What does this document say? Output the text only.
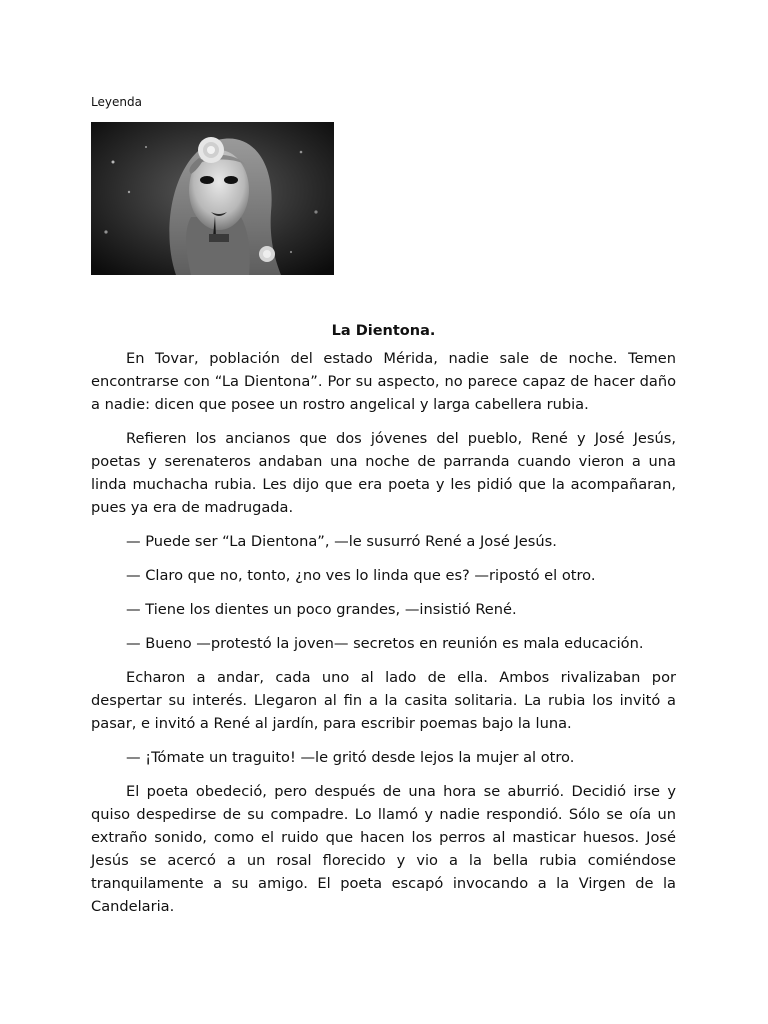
Leyenda
La Dientona.

En Tovar, población del estado Mérida, nadie sale de noche. Temen encontrarse con “La Dientona”. Por su aspecto, no parece capaz de hacer daño a nadie: dicen que posee un rostro angelical y larga cabellera rubia.

Refieren los ancianos que dos jóvenes del pueblo, René y José Jesús, poetas y serenateros andaban una noche de parranda cuando vieron a una linda muchacha rubia. Les dijo que era poeta y les pidió que la acompañaran, pues ya era de madrugada.

— Puede ser “La Dientona”, —le susurró René a José Jesús.

— Claro que no, tonto, ¿no ves lo linda que es? —ripostó el otro.

— Tiene los dientes un poco grandes, —insistió René.

— Bueno —protestó la joven— secretos en reunión es mala educación.

Echaron a andar, cada uno al lado de ella. Ambos rivalizaban por despertar su interés. Llegaron al fin a la casita solitaria. La rubia los invitó a pasar, e invitó a René al jardín, para escribir poemas bajo la luna.

— ¡Tómate un traguito! —le gritó desde lejos la mujer al otro.

El poeta obedeció, pero después de una hora se aburrió. Decidió irse y quiso despedirse de su compadre. Lo llamó y nadie respondió. Sólo se oía un extraño sonido, como el ruido que hacen los perros al masticar huesos. José Jesús se acercó a un rosal florecido y vio a la bella rubia comiéndose tranquilamente a su amigo. El poeta escapó invocando a la Virgen de la Candelaria.
